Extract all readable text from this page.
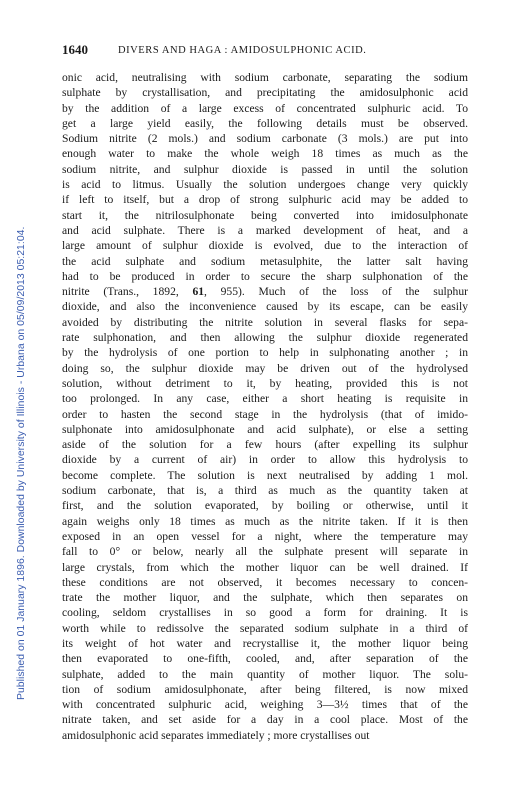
Published on 01 January 1896. Downloaded by University of Illinois - Urbana on 05/09/2013 05:21:04.
1640	DIVERS AND HAGA : AMIDOSULPHONIC ACID.
onic acid, neutralising with sodium carbonate, separating the sodium
sulphate by crystallisation, and precipitating the amidosulphonic acid
by the addition of a large excess of concentrated sulphuric acid. To
get a large yield easily, the following details must be observed.
Sodium nitrite (2 mols.) and sodium carbonate (3 mols.) are put into
enough water to make the whole weigh 18 times as much as the
sodium nitrite, and sulphur dioxide is passed in until the solution
is acid to litmus. Usually the solution undergoes change very quickly
if left to itself, but a drop of strong sulphuric acid may be added to
start it, the nitrilosulphonate being converted into imidosulphonate
and acid sulphate. There is a marked development of heat, and a
large amount of sulphur dioxide is evolved, due to the interaction of
the acid sulphate and sodium metasulphite, the latter salt having
had to be produced in order to secure the sharp sulphonation of the
nitrite (Trans., 1892, 61, 955). Much of the loss of the sulphur
dioxide, and also the inconvenience caused by its escape, can be easily
avoided by distributing the nitrite solution in several flasks for sepa-
rate sulphonation, and then allowing the sulphur dioxide regenerated
by the hydrolysis of one portion to help in sulphonating another ; in
doing so, the sulphur dioxide may be driven out of the hydrolysed
solution, without detriment to it, by heating, provided this is not
too prolonged. In any case, either a short heating is requisite in
order to hasten the second stage in the hydrolysis (that of imido-
sulphonate into amidosulphonate and acid sulphate), or else a setting
aside of the solution for a few hours (after expelling its sulphur
dioxide by a current of air) in order to allow this hydrolysis to
become complete. The solution is next neutralised by adding 1 mol.
sodium carbonate, that is, a third as much as the quantity taken at
first, and the solution evaporated, by boiling or otherwise, until it
again weighs only 18 times as much as the nitrite taken. If it is then
exposed in an open vessel for a night, where the temperature may
fall to 0° or below, nearly all the sulphate present will separate in
large crystals, from which the mother liquor can be well drained. If
these conditions are not observed, it becomes necessary to concen-
trate the mother liquor, and the sulphate, which then separates on
cooling, seldom crystallises in so good a form for draining. It is
worth while to redissolve the separated sodium sulphate in a third of
its weight of hot water and recrystallise it, the mother liquor being
then evaporated to one-fifth, cooled, and, after separation of the
sulphate, added to the main quantity of mother liquor. The solu-
tion of sodium amidosulphonate, after being filtered, is now mixed
with concentrated sulphuric acid, weighing 3—3½ times that of the
nitrate taken, and set aside for a day in a cool place. Most of the
amidosulphonic acid separates immediately ; more crystallises out
